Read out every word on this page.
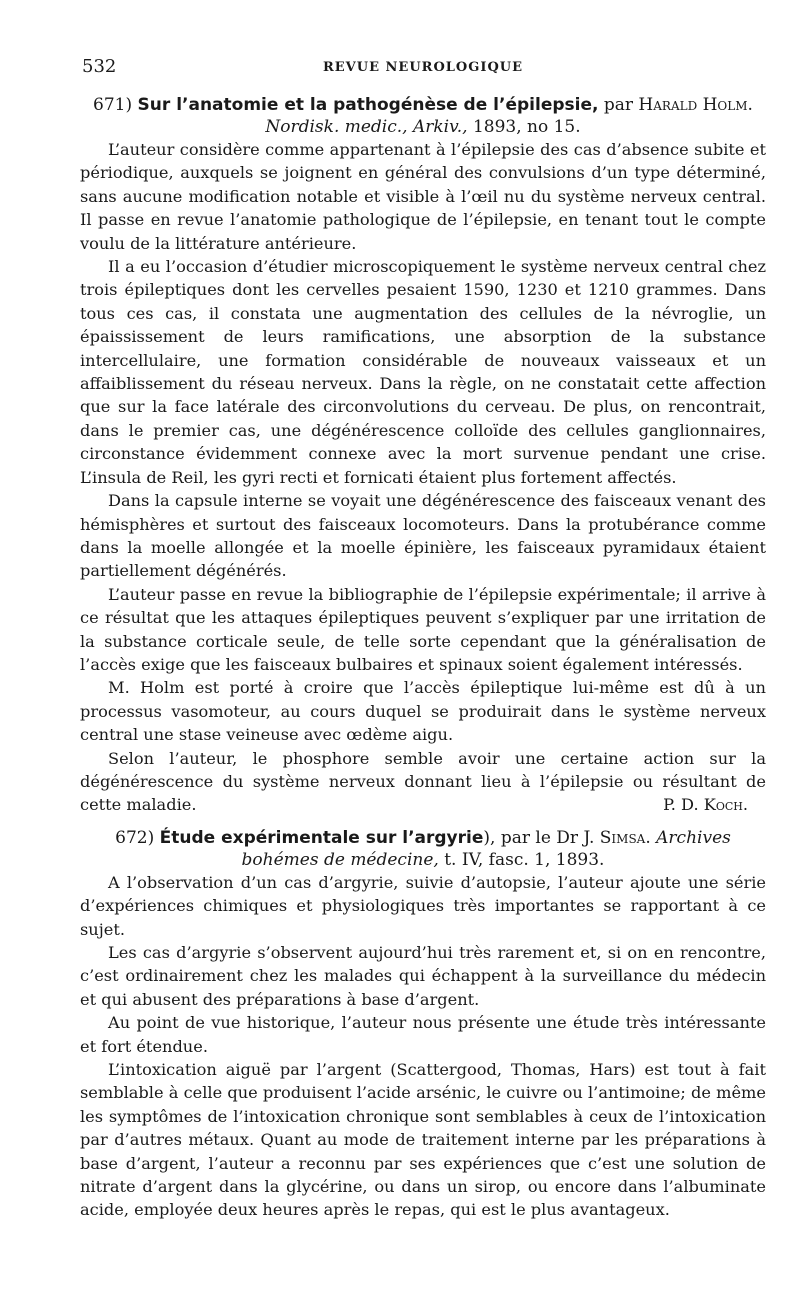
532	REVUE NEUROLOGIQUE

671) Sur l’anatomie et la pathogénèse de l’épilepsie, par Harald Holm.
Nordisk. medic., Arkiv., 1893, no 15.

L’auteur considère comme appartenant à l’épilepsie des cas d’absence subite et périodique, auxquels se joignent en général des convulsions d’un type déterminé, sans aucune modification notable et visible à l’œil nu du système nerveux central. Il passe en revue l’anatomie pathologique de l’épilepsie, en tenant tout le compte voulu de la littérature antérieure.

Il a eu l’occasion d’étudier microscopiquement le système nerveux central chez trois épileptiques dont les cervelles pesaient 1590, 1230 et 1210 grammes. Dans tous ces cas, il constata une augmentation des cellules de la névroglie, un épaississement de leurs ramifications, une absorption de la substance intercellulaire, une formation considérable de nouveaux vaisseaux et un affaiblissement du réseau nerveux. Dans la règle, on ne constatait cette affection que sur la face latérale des circonvolutions du cerveau. De plus, on rencontrait, dans le premier cas, une dégénérescence colloïde des cellules ganglionnaires, circonstance évidemment connexe avec la mort survenue pendant une crise. L’insula de Reil, les gyri recti et fornicati étaient plus fortement affectés.

Dans la capsule interne se voyait une dégénérescence des faisceaux venant des hémisphères et surtout des faisceaux locomoteurs. Dans la protubérance comme dans la moelle allongée et la moelle épinière, les faisceaux pyramidaux étaient partiellement dégénérés.

L’auteur passe en revue la bibliographie de l’épilepsie expérimentale; il arrive à ce résultat que les attaques épileptiques peuvent s’expliquer par une irritation de la substance corticale seule, de telle sorte cependant que la généralisation de l’accès exige que les faisceaux bulbaires et spinaux soient également intéressés.

M. Holm est porté à croire que l’accès épileptique lui-même est dû à un processus vasomoteur, au cours duquel se produirait dans le système nerveux central une stase veineuse avec œdème aigu.

Selon l’auteur, le phosphore semble avoir une certaine action sur la dégénérescence du système nerveux donnant lieu à l’épilepsie ou résultant de cette maladie.	P. D. Koch.

672) Étude expérimentale sur l’argyrie), par le Dr J. Simsa. Archives bohémes de médecine, t. IV, fasc. 1, 1893.

A l’observation d’un cas d’argyrie, suivie d’autopsie, l’auteur ajoute une série d’expériences chimiques et physiologiques très importantes se rapportant à ce sujet.

Les cas d’argyrie s’observent aujourd’hui très rarement et, si on en rencontre, c’est ordinairement chez les malades qui échappent à la surveillance du médecin et qui abusent des préparations à base d’argent.

Au point de vue historique, l’auteur nous présente une étude très intéressante et fort étendue.

L’intoxication aiguë par l’argent (Scattergood, Thomas, Hars) est tout à fait semblable à celle que produisent l’acide arsénic, le cuivre ou l’antimoine; de même les symptômes de l’intoxication chronique sont semblables à ceux de l’intoxication par d’autres métaux. Quant au mode de traitement interne par les préparations à base d’argent, l’auteur a reconnu par ses expériences que c’est une solution de nitrate d’argent dans la glycérine, ou dans un sirop, ou encore dans l’albuminate acide, employée deux heures après le repas, qui est le plus avantageux.
